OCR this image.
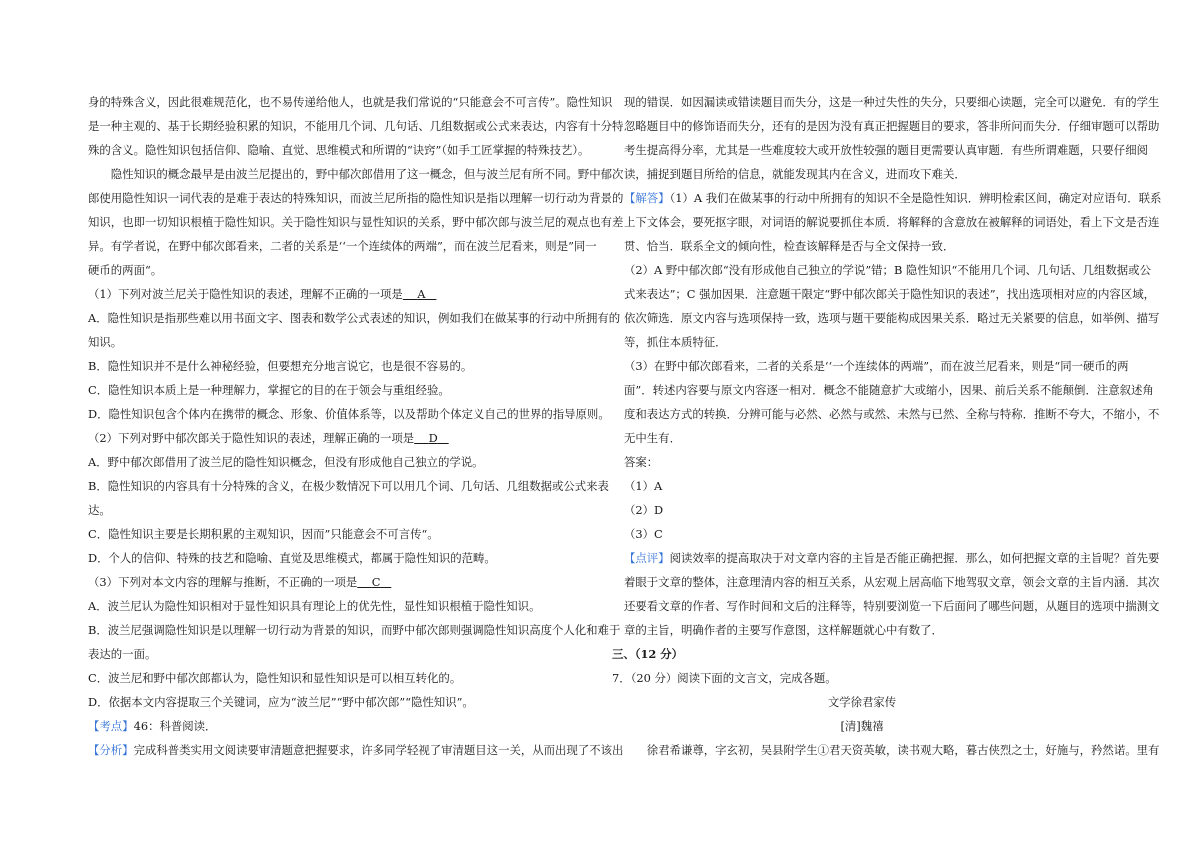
身的特殊含义，因此很难规范化，也不易传递给他人，也就是我们常说的“只能意会不可言传”。隐性知识
是一种主观的、基于长期经验积累的知识，不能用几个词、几句话、几组数据或公式来表达，内容有十分特
殊的含义。隐性知识包括信仰、隐喻、直觉、思维模式和所谓的“诀窍”（如手工匠掌握的特殊技艺）。
隐性知识的概念最早是由波兰尼提出的，野中郁次郎借用了这一概念，但与波兰尼有所不同。野中郁次
郎使用隐性知识一词代表的是难于表达的特殊知识，而波兰尼所指的隐性知识是指以理解一切行动为背景的
知识，也即一切知识根植于隐性知识。关于隐性知识与显性知识的关系，野中郁次郎与波兰尼的观点也有差
异。有学者说，在野中郁次郎看来，二者的关系是‘‘一个连续体的两端”，而在波兰尼看来，则是”同一
硬币的两面“。
（1）下列对波兰尼关于隐性知识的表述，理解不正确的一项是 A
A．隐性知识是指那些难以用书面文字、图表和数学公式表述的知识，例如我们在做某事的行动中所拥有的
知识。
B．隐性知识并不是什么神秘经验，但要想充分地言说它，也是很不容易的。
C．隐性知识本质上是一种理解力，掌握它的目的在于领会与重组经验。
D．隐性知识包含个体内在携带的概念、形象、价值体系等，以及帮助个体定义自己的世界的指导原则。
（2）下列对野中郁次郎关于隐性知识的表述，理解正确的一项是 D
A．野中郁次郎借用了波兰尼的隐性知识概念，但没有形成他自己独立的学说。
B．隐性知识的内容具有十分特殊的含义，在极少数情况下可以用几个词、几句话、几组数据或公式来表
达。
C．隐性知识主要是长期积累的主观知识，因而”只能意会不可言传“。
D．个人的信仰、特殊的技艺和隐喻、直觉及思维模式，都属于隐性知识的范畴。
（3）下列对本文内容的理解与推断，不正确的一项是 C
A．波兰尼认为隐性知识相对于显性知识具有理论上的优先性，显性知识根植于隐性知识。
B．波兰尼强调隐性知识是以理解一切行动为背景的知识，而野中郁次郎则强调隐性知识高度个人化和难于
表达的一面。
C．波兰尼和野中郁次郎都认为，隐性知识和显性知识是可以相互转化的。
D．依据本文内容提取三个关键词，应为“波兰尼”“野中郁次郎”“隐性知识”。
【考点】46：科普阅读．
【分析】完成科普类实用文阅读要审清题意把握要求，许多同学轻视了审清题目这一关，从而出现了不该出
现的错误．如因漏读或错读题目而失分，这是一种过失性的失分，只要细心读题，完全可以避免．有的学生
忽略题目中的修饰语而失分，还有的是因为没有真正把握题目的要求，答非所问而失分．仔细审题可以帮助
考生提高得分率，尤其是一些难度较大或开放性较强的题目更需要认真审题．有些所谓难题，只要仔细阅
读，捕捉到题目所给的信息，就能发现其内在含义，进而攻下难关．
【解答】（1）A 我们在做某事的行动中所拥有的知识不全是隐性知识．辨明检索区间，确定对应语句．联系
上下文体会，要死抠字眼，对词语的解说要抓住本质．将解释的含意放在被解释的词语处，看上下文是否连
贯、恰当．联系全文的倾向性，检查该解释是否与全文保持一致．
（2）A 野中郁次郎“没有形成他自己独立的学说”错；B 隐性知识“不能用几个词、几句话、几组数据或公
式来表达”；C 强加因果．注意题干限定“野中郁次郎关于隐性知识的表述”，找出选项相对应的内容区域，
依次筛选．原文内容与选项保持一致，选项与题干要能构成因果关系．略过无关紧要的信息，如举例、描写
等，抓住本质特征．
（3）在野中郁次郎看来，二者的关系是‘‘一个连续体的两端”，而在波兰尼看来，则是“同一硬币的两
面”．转述内容要与原文内容逐一相对．概念不能随意扩大或缩小，因果、前后关系不能颠倒．注意叙述角
度和表达方式的转换．分辨可能与必然、必然与或然、未然与已然、全称与特称．推断不夸大，不缩小，不
无中生有．
答案：
（1）A
（2）D
（3）C
【点评】阅读效率的提高取决于对文章内容的主旨是否能正确把握．那么，如何把握文章的主旨呢？首先要
着眼于文章的整体，注意理清内容的相互关系，从宏观上居高临下地驾驭文章，领会文章的主旨内涵．其次
还要看文章的作者、写作时间和文后的注释等，特别要浏览一下后面问了哪些问题，从题目的选项中揣测文
章的主旨，明确作者的主要写作意图，这样解题就心中有数了．
三、（12 分）
7．（20 分）阅读下面的文言文，完成各题。
文学徐君家传
[清]魏禧
徐君希谦尊，字玄初，吴县附学生①君天资英敏，读书观大略，暮古侠烈之士，好施与，矜然诺。里有
